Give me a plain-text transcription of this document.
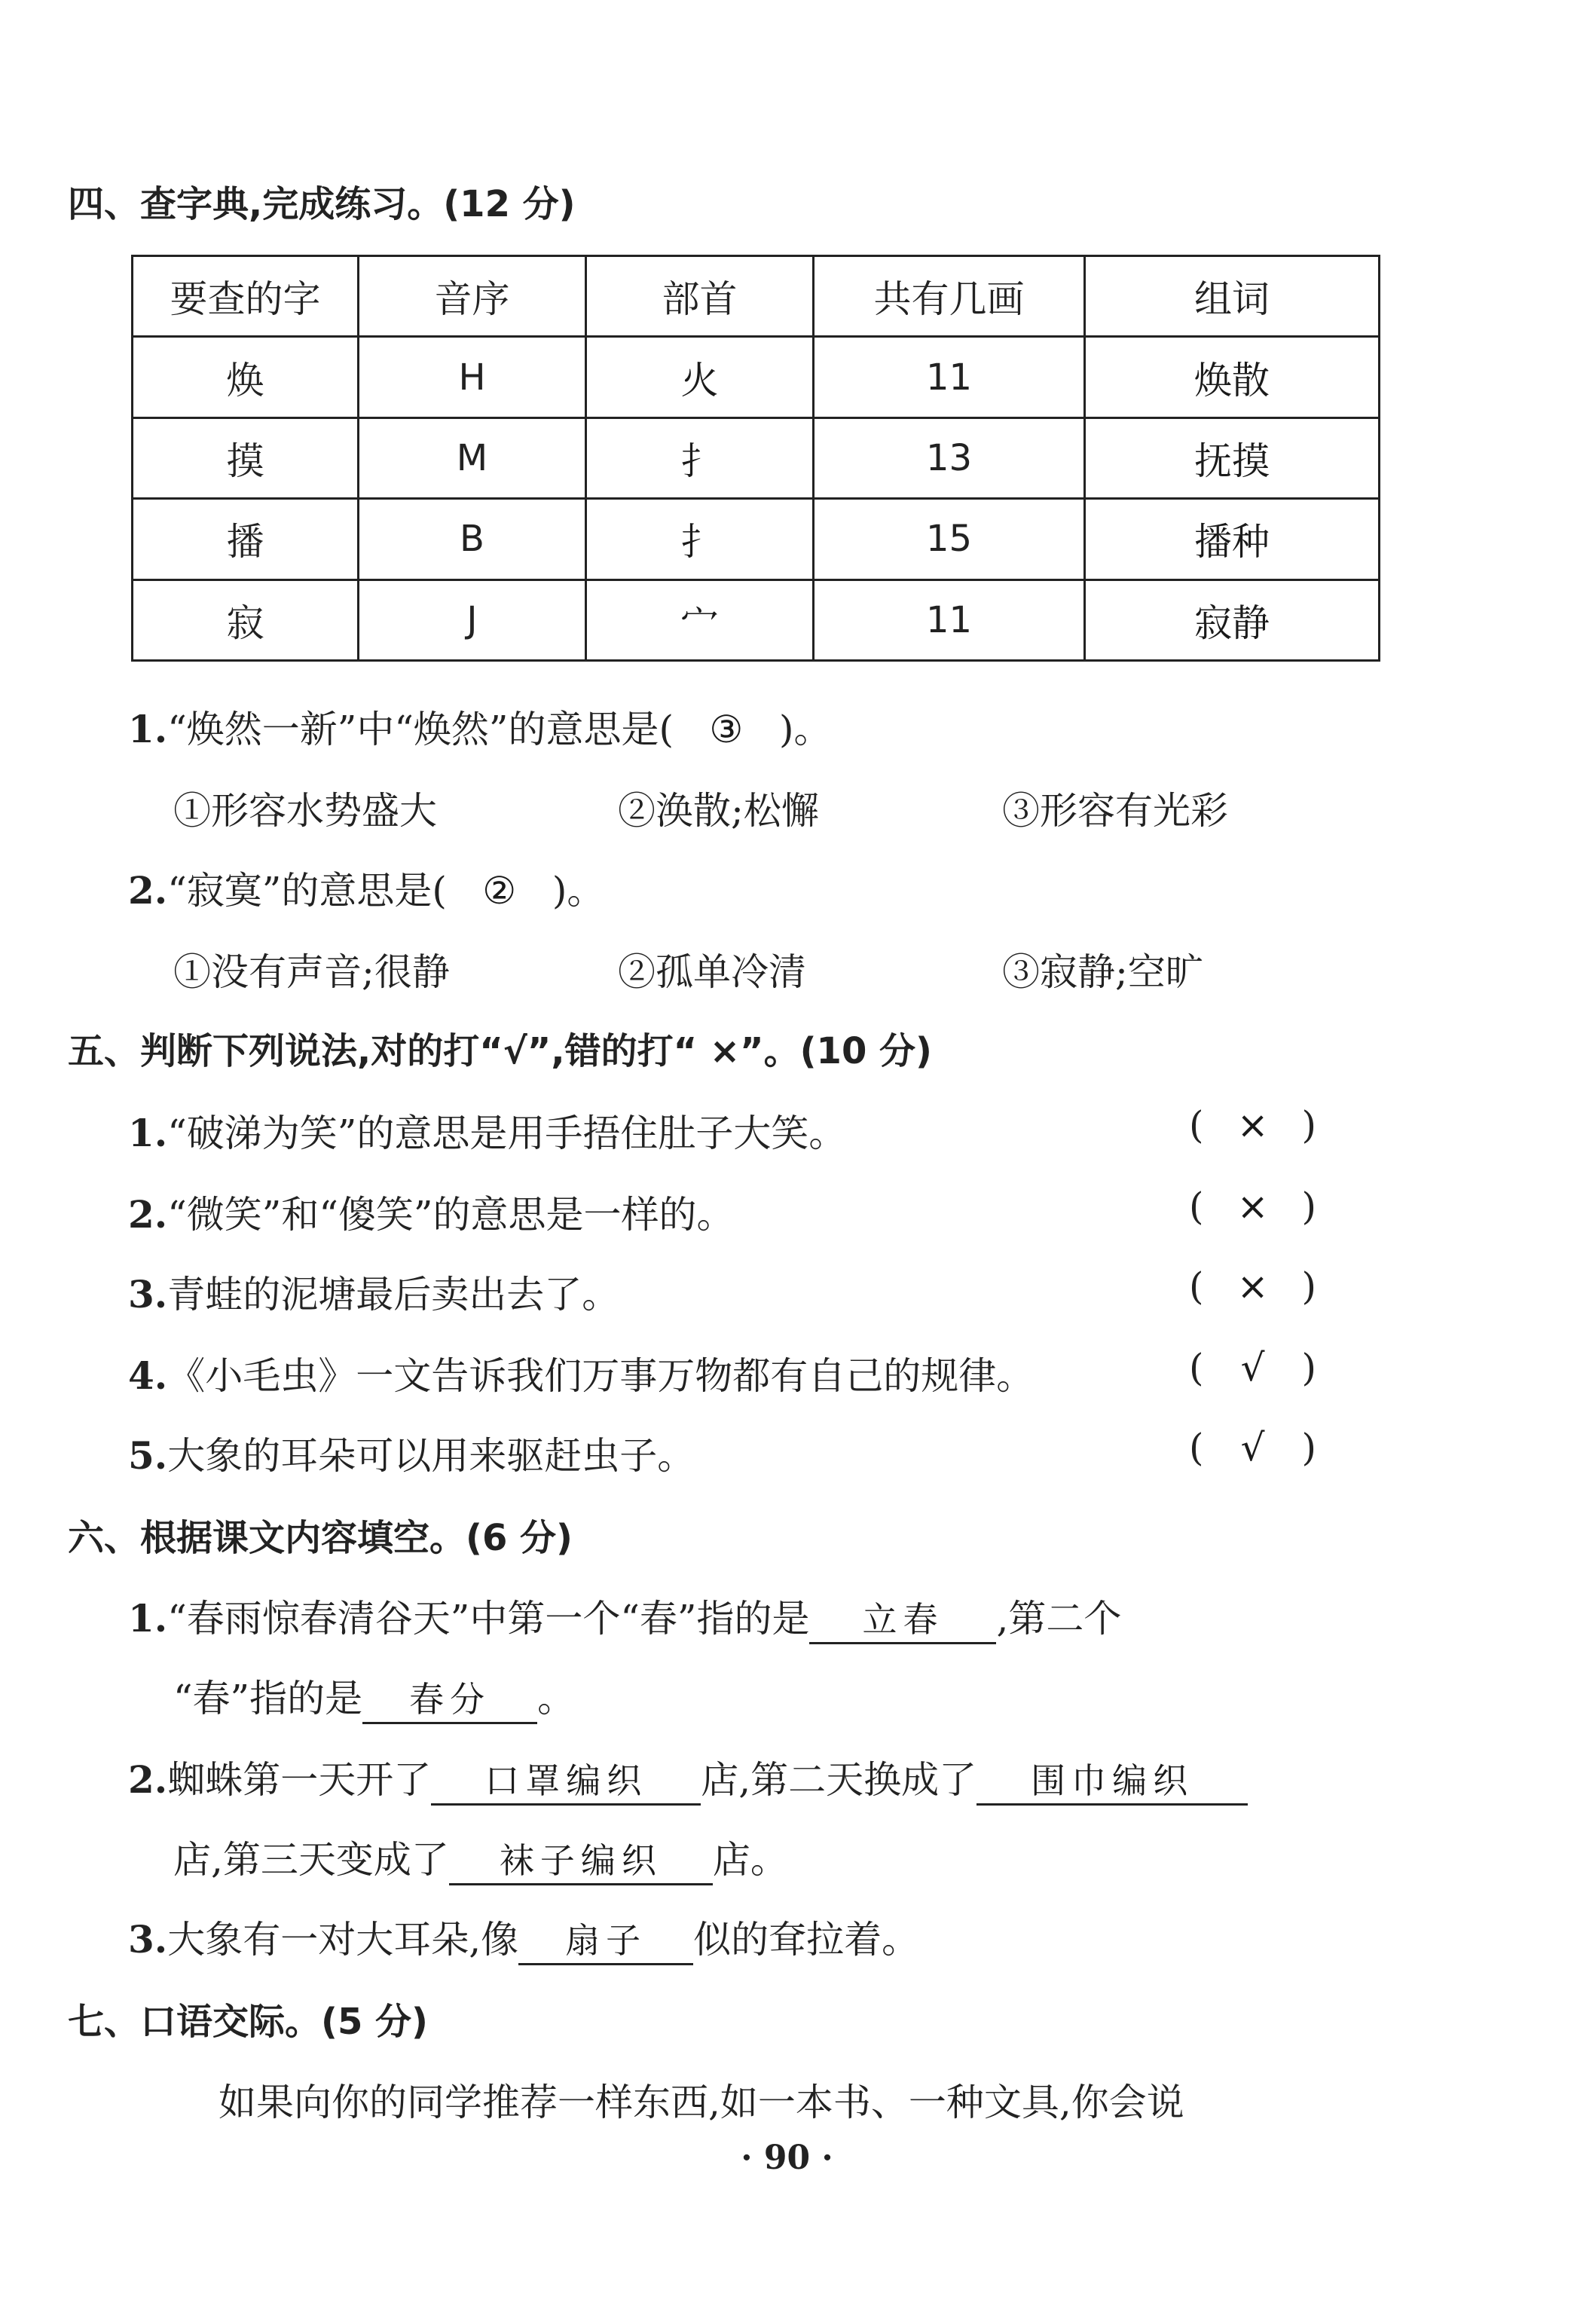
四、查字典,完成练习。(12 分)
要查的字	音序	部首	共有几画	组词
焕	H	火	11	焕散
摸	M	扌	13	抚摸
播	B	扌	15	播种
寂	J	宀	11	寂静
1.“焕然一新”中“焕然”的意思是( ③ )。
①形容水势盛大	②涣散;松懈	③形容有光彩
2.“寂寞”的意思是( ② )。
①没有声音;很静	②孤单冷清	③寂静;空旷
五、判断下列说法,对的打“√”,错的打“ ×”。(10 分)
1.“破涕为笑”的意思是用手捂住肚子大笑。	( × )
2.“微笑”和“傻笑”的意思是一样的。	( × )
3.青蛙的泥塘最后卖出去了。	( × )
4.《小毛虫》一文告诉我们万事万物都有自己的规律。	( √ )
5.大象的耳朵可以用来驱赶虫子。	( √ )
六、根据课文内容填空。(6 分)
1.“春雨惊春清谷天”中第一个“春”指的是 立春 ,第二个
“春”指的是 春分 。
2.蜘蛛第一天开了 口罩编织 店,第二天换成了 围巾编织
店,第三天变成了 袜子编织 店。
3.大象有一对大耳朵,像 扇子 似的耷拉着。
七、口语交际。(5 分)
如果向你的同学推荐一样东西,如一本书、一种文具,你会说
· 90 ·
